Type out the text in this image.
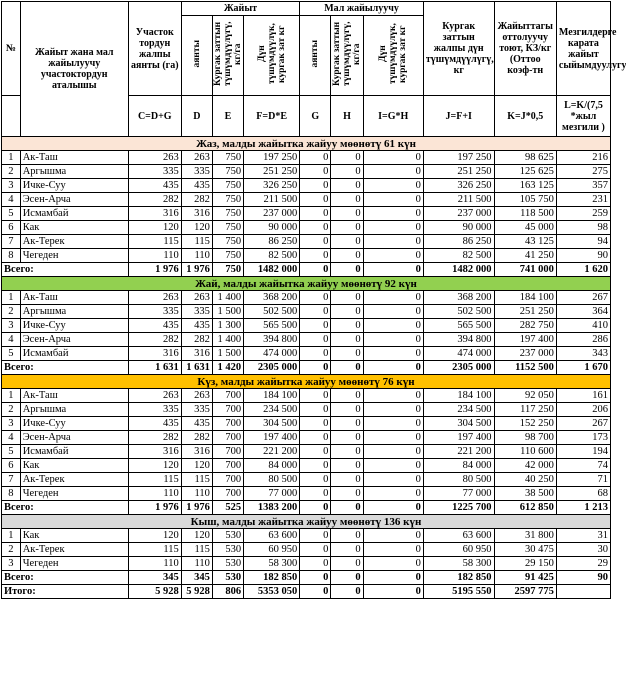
№	Жайыт жана мал жайылуучу участоктордун аталышы	Участок тордун жалпы аянты (га)	Жайыт			Мал жайылуучу			Кургак заттын жалпы дүн түшүмдүүлүгү, кг	Жайыттагы оттолуучу тоют, КЗ/кг (Оттоо коэф-тн	Мезгилдерге карата жайыт сыйымдуулугу
			аянты	Кургак заттын түшүмдүүлүгү, кг/га	Дүн түшүмдүүлүк, кургак зат кг	аянты	Кургак заттын түшүмдүүлүгү, кг/га	Дүн түшүмдүүлүк, кургак зат кг			
		C=D+G	D	E	F=D*E	G	H	I=G*H	J=F+I	K=J*0,5	L=K/(7,5 *жыл мезгили )
Жаз, малды жайытка жайуу мөөнөтү 61 күн											
1	Ак-Таш	263	263	750	197 250	0	0	0	197 250	98 625	216
2	Аргышма	335	335	750	251 250	0	0	0	251 250	125 625	275
3	Ичке-Суу	435	435	750	326 250	0	0	0	326 250	163 125	357
4	Эсен-Арча	282	282	750	211 500	0	0	0	211 500	105 750	231
5	Исмамбай	316	316	750	237 000	0	0	0	237 000	118 500	259
6	Как	120	120	750	90 000	0	0	0	90 000	45 000	98
7	Ак-Терек	115	115	750	86 250	0	0	0	86 250	43 125	94
8	Чегеден	110	110	750	82 500	0	0	0	82 500	41 250	90
Всего:		1 976	1 976	750	1482 000	0	0	0	1482 000	741 000	1 620
Жай, малды жайытка жайуу мөөнөтү 92 күн											
1	Ак-Таш	263	263	1 400	368 200	0	0	0	368 200	184 100	267
2	Аргышма	335	335	1 500	502 500	0	0	0	502 500	251 250	364
3	Ичке-Суу	435	435	1 300	565 500	0	0	0	565 500	282 750	410
4	Эсен-Арча	282	282	1 400	394 800	0	0	0	394 800	197 400	286
5	Исмамбай	316	316	1 500	474 000	0	0	0	474 000	237 000	343
Всего:		1 631	1 631	1 420	2305 000	0	0	0	2305 000	1152 500	1 670
Күз, малды жайытка жайуу мөөнөтү 76 күн											
1	Ак-Таш	263	263	700	184 100	0	0	0	184 100	92 050	161
2	Аргышма	335	335	700	234 500	0	0	0	234 500	117 250	206
3	Ичке-Суу	435	435	700	304 500	0	0	0	304 500	152 250	267
4	Эсен-Арча	282	282	700	197 400	0	0	0	197 400	98 700	173
5	Исмамбай	316	316	700	221 200	0	0	0	221 200	110 600	194
6	Как	120	120	700	84 000	0	0	0	84 000	42 000	74
7	Ак-Терек	115	115	700	80 500	0	0	0	80 500	40 250	71
8	Чегеден	110	110	700	77 000	0	0	0	77 000	38 500	68
Всего:		1 976	1 976	525	1383 200	0	0	0	1225 700	612 850	1 213
Кыш, малды жайытка жайуу мөөнөтү 136 күн											
1	Как	120	120	530	63 600	0	0	0	63 600	31 800	31
2	Ак-Терек	115	115	530	60 950	0	0	0	60 950	30 475	30
3	Чегеден	110	110	530	58 300	0	0	0	58 300	29 150	29
Всего:		345	345	530	182 850	0	0	0	182 850	91 425	90
Итого:		5 928	5 928	806	5353 050	0	0	0	5195 550	2597 775	
